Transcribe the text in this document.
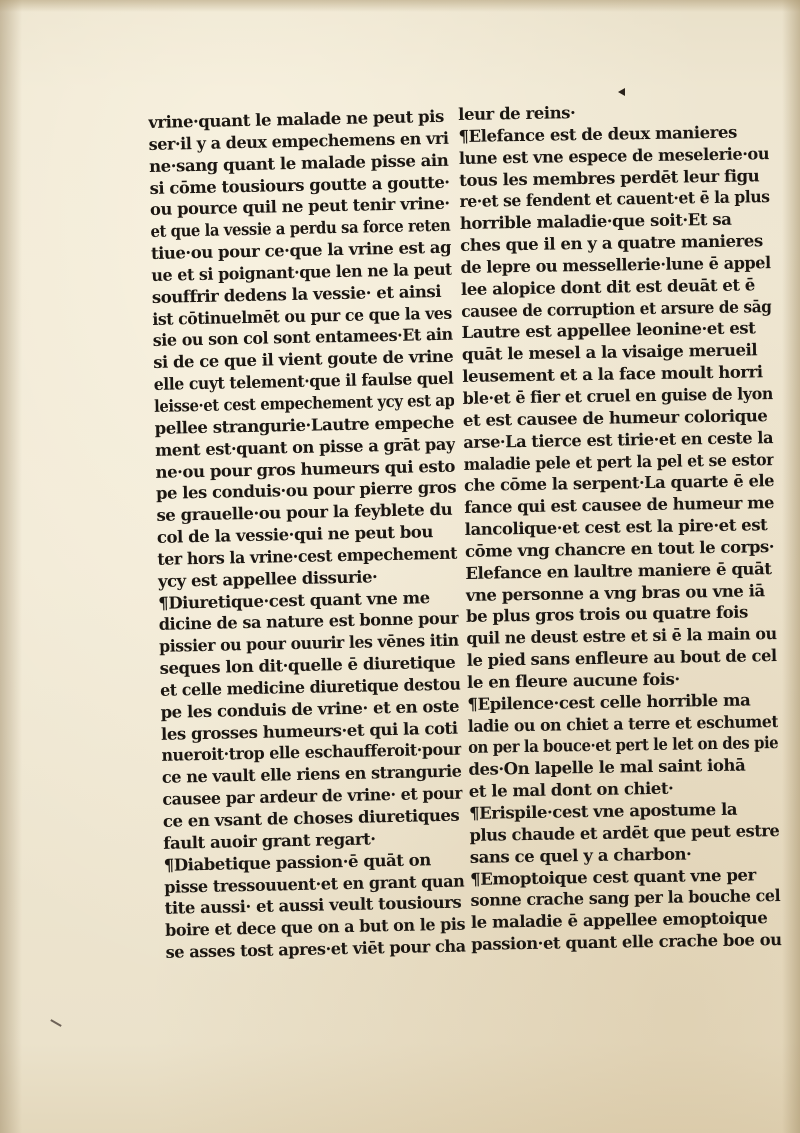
vrine·quant le malade ne peut pis
ser·il y a deux empechemens en vri
ne·sang quant le malade pisse ain
si cōme tousiours goutte a goutte·
ou pource quil ne peut tenir vrine·
et que la vessie a perdu sa force reten
tiue·ou pour ce·que la vrine est ag
ue et si poignant·que len ne la peut
souffrir dedens la vessie· et ainsi
ist cōtinuelmēt ou pur ce que la ves
sie ou son col sont entamees·Et ain
si de ce que il vient goute de vrine
elle cuyt telement·que il faulse quel
leisse·et cest empechement ycy est ap
pellee strangurie·Lautre empeche
ment est·quant on pisse a grāt pay
ne·ou pour gros humeurs qui esto
pe les conduis·ou pour pierre gros
se grauelle·ou pour la feyblete du
col de la vessie·qui ne peut bou
ter hors la vrine·cest empechement
ycy est appellee dissurie·
¶Diuretique·cest quant vne me
dicine de sa nature est bonne pour
pissier ou pour ouurir les vēnes itin
seques lon dit·quelle ē diuretique
et celle medicine diuretique destou
pe les conduis de vrine· et en oste
les grosses humeurs·et qui la coti
nueroit·trop elle eschaufferoit·pour
ce ne vault elle riens en strangurie
causee par ardeur de vrine· et pour
ce en vsant de choses diuretiques
fault auoir grant regart·
¶Diabetique passion·ē quāt on
pisse tressouuent·et en grant quan
tite aussi· et aussi veult tousiours
boire et dece que on a but on le pis
se asses tost apres·et viēt pour cha
leur de reins·
¶Elefance est de deux manieres
lune est vne espece de meselerie·ou
tous les membres perdēt leur figu
re·et se fendent et cauent·et ē la plus
horrible maladie·que soit·Et sa
ches que il en y a quatre manieres
de lepre ou messellerie·lune ē appel
lee alopice dont dit est deuāt et ē
causee de corruption et arsure de sāg
Lautre est appellee leonine·et est
quāt le mesel a la visaige merueil
leusement et a la face moult horri
ble·et ē fier et cruel en guise de lyon
et est causee de humeur colorique
arse·La tierce est tirie·et en ceste la
maladie pele et pert la pel et se estor
che cōme la serpent·La quarte ē ele
fance qui est causee de humeur me
lancolique·et cest est la pire·et est
cōme vng chancre en tout le corps·
Elefance en laultre maniere ē quāt
vne personne a vng bras ou vne iā
be plus gros trois ou quatre fois
quil ne deust estre et si ē la main ou
le pied sans enfleure au bout de cel
le en fleure aucune fois·
¶Epilence·cest celle horrible ma
ladie ou on chiet a terre et eschumet
on per la bouce·et pert le let on des pie
des·On lapelle le mal saint iohā
et le mal dont on chiet·
¶Erispile·cest vne apostume la
plus chaude et ardēt que peut estre
sans ce quel y a charbon·
¶Emoptoique cest quant vne per
sonne crache sang per la bouche cel
le maladie ē appellee emoptoique
passion·et quant elle crache boe ou
